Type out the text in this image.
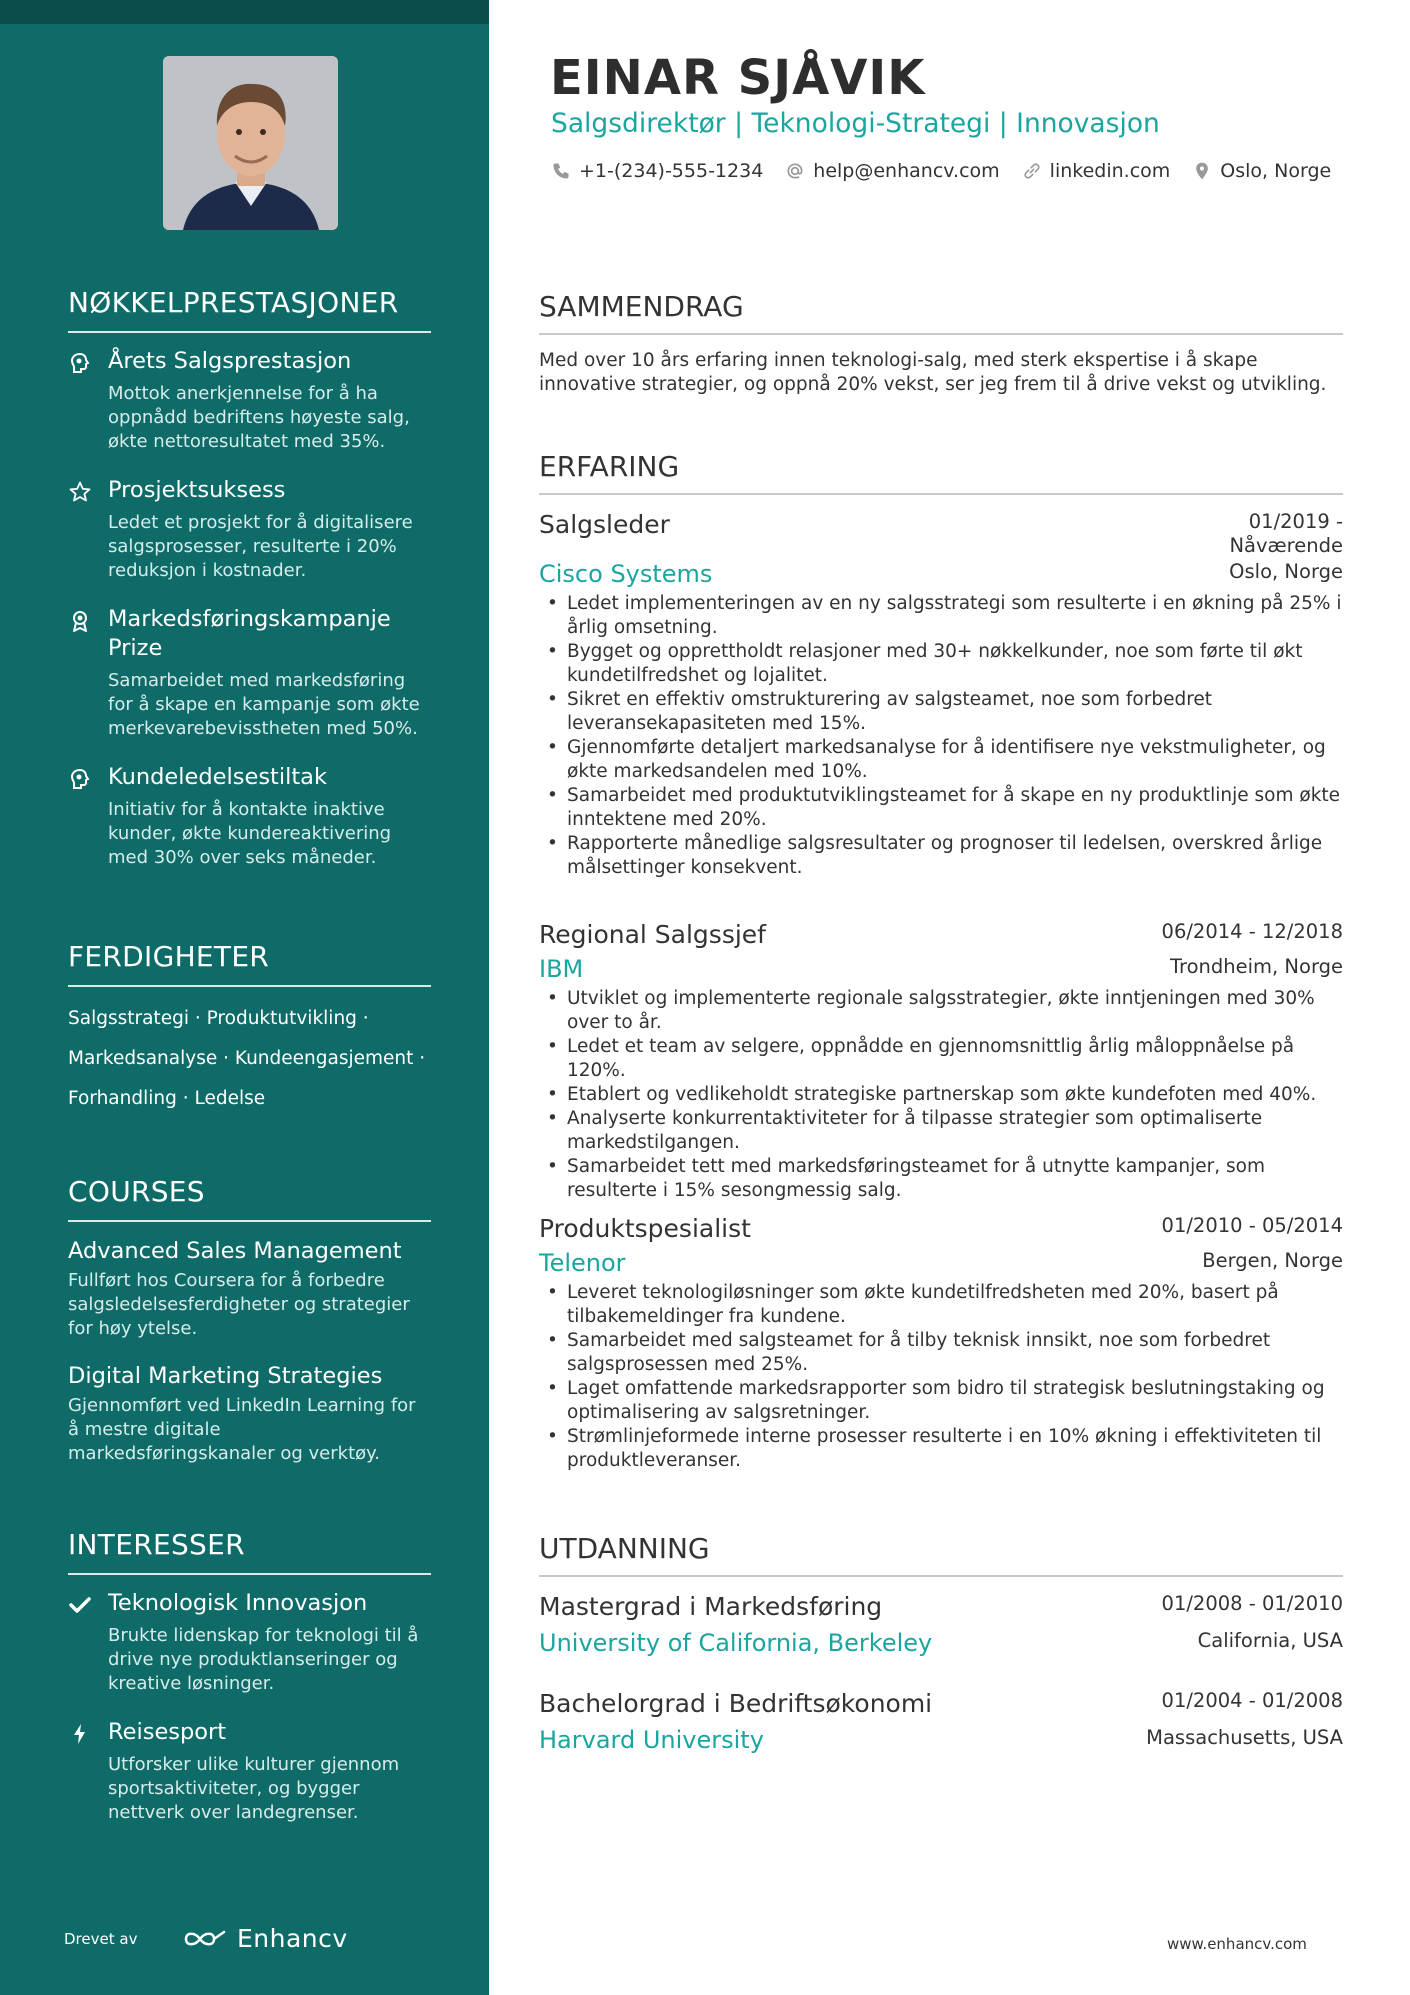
NØKKELPRESTASJONER
Årets Salgsprestasjon
Mottok anerkjennelse for å ha oppnådd bedriftens høyeste salg, økte nettoresultatet med 35%.
Prosjektsuksess
Ledet et prosjekt for å digitalisere salgsprosesser, resulterte i 20% reduksjon i kostnader.
Markedsføringskampanje Prize
Samarbeidet med markedsføring for å skape en kampanje som økte merkevarebevisstheten med 50%.
Kundeledelsestiltak
Initiativ for å kontakte inaktive kunder, økte kundereaktivering med 30% over seks måneder.
FERDIGHETER
Salgsstrategi · Produktutvikling ·
Markedsanalyse · Kundeengasjement ·
Forhandling · Ledelse
COURSES
Advanced Sales Management
Fullført hos Coursera for å forbedre salgsledelsesferdigheter og strategier for høy ytelse.
Digital Marketing Strategies
Gjennomført ved LinkedIn Learning for å mestre digitale markedsføringskanaler og verktøy.
INTERESSER
Teknologisk Innovasjon
Brukte lidenskap for teknologi til å drive nye produktlanseringer og kreative løsninger.
Reisesport
Utforsker ulike kulturer gjennom sportsaktiviteter, og bygger nettverk over landegrenser.
Drevet av	Enhancv
EINAR SJÅVIK
Salgsdirektør | Teknologi-Strategi | Innovasjon
+1-(234)-555-1234	help@enhancv.com	linkedin.com	Oslo, Norge
SAMMENDRAG
Med over 10 års erfaring innen teknologi-salg, med sterk ekspertise i å skape innovative strategier, og oppnå 20% vekst, ser jeg frem til å drive vekst og utvikling.
ERFARING
Salgsleder	01/2019 -
Nåværende
Cisco Systems	Oslo, Norge
• Ledet implementeringen av en ny salgsstrategi som resulterte i en økning på 25% i årlig omsetning.
• Bygget og opprettholdt relasjoner med 30+ nøkkelkunder, noe som førte til økt kundetilfredshet og lojalitet.
• Sikret en effektiv omstrukturering av salgsteamet, noe som forbedret leveransekapasiteten med 15%.
• Gjennomførte detaljert markedsanalyse for å identifisere nye vekstmuligheter, og økte markedsandelen med 10%.
• Samarbeidet med produktutviklingsteamet for å skape en ny produktlinje som økte inntektene med 20%.
• Rapporterte månedlige salgsresultater og prognoser til ledelsen, overskred årlige målsettinger konsekvent.
Regional Salgssjef	06/2014 - 12/2018
IBM	Trondheim, Norge
• Utviklet og implementerte regionale salgsstrategier, økte inntjeningen med 30% over to år.
• Ledet et team av selgere, oppnådde en gjennomsnittlig årlig måloppnåelse på 120%.
• Etablert og vedlikeholdt strategiske partnerskap som økte kundefoten med 40%.
• Analyserte konkurrentaktiviteter for å tilpasse strategier som optimaliserte markedstilgangen.
• Samarbeidet tett med markedsføringsteamet for å utnytte kampanjer, som resulterte i 15% sesongmessig salg.
Produktspesialist	01/2010 - 05/2014
Telenor	Bergen, Norge
• Leveret teknologiløsninger som økte kundetilfredsheten med 20%, basert på tilbakemeldinger fra kundene.
• Samarbeidet med salgsteamet for å tilby teknisk innsikt, noe som forbedret salgsprosessen med 25%.
• Laget omfattende markedsrapporter som bidro til strategisk beslutningstaking og optimalisering av salgsretninger.
• Strømlinjeformede interne prosesser resulterte i en 10% økning i effektiviteten til produktleveranser.
UTDANNING
Mastergrad i Markedsføring	01/2008 - 01/2010
University of California, Berkeley	California, USA
Bachelorgrad i Bedriftsøkonomi	01/2004 - 01/2008
Harvard University	Massachusetts, USA
www.enhancv.com
